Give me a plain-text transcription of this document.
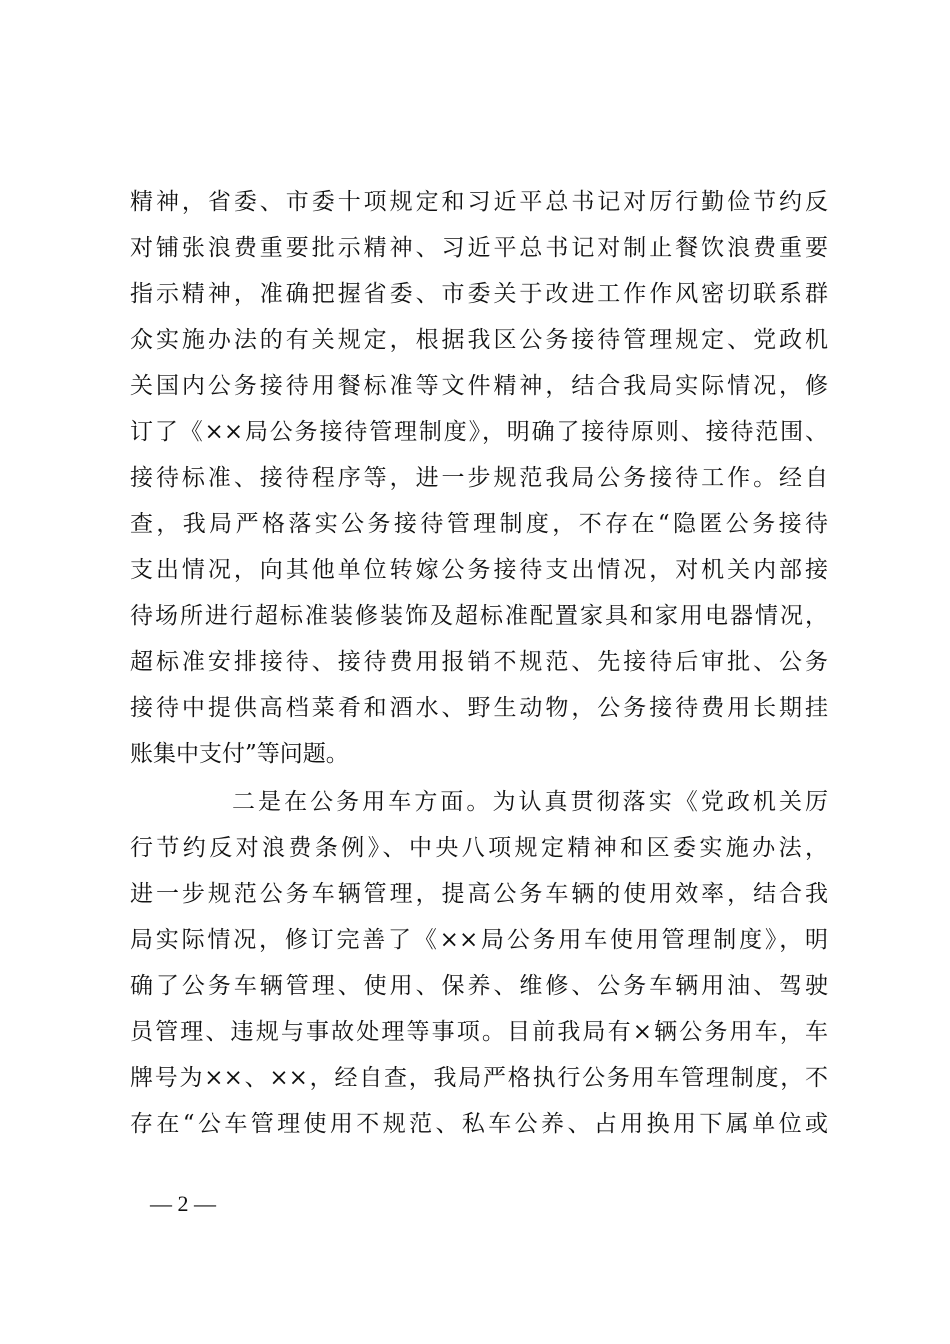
精神，省委、市委十项规定和习近平总书记对厉行勤俭节约反
对铺张浪费重要批示精神、习近平总书记对制止餐饮浪费重要
指示精神，准确把握省委、市委关于改进工作作风密切联系群
众实施办法的有关规定，根据我区公务接待管理规定、党政机
关国内公务接待用餐标准等文件精神，结合我局实际情况，修
订了《××局公务接待管理制度》，明确了接待原则、接待范围、
接待标准、接待程序等，进一步规范我局公务接待工作。经自
查，我局严格落实公务接待管理制度，不存在“隐匿公务接待
支出情况，向其他单位转嫁公务接待支出情况，对机关内部接
待场所进行超标准装修装饰及超标准配置家具和家用电器情况，
超标准安排接待、接待费用报销不规范、先接待后审批、公务
接待中提供高档菜肴和酒水、野生动物，公务接待费用长期挂
账集中支付”等问题。
二是在公务用车方面。为认真贯彻落实《党政机关厉
行节约反对浪费条例》、中央八项规定精神和区委实施办法，
进一步规范公务车辆管理，提高公务车辆的使用效率，结合我
局实际情况，修订完善了《××局公务用车使用管理制度》，明
确了公务车辆管理、使用、保养、维修、公务车辆用油、驾驶
员管理、违规与事故处理等事项。目前我局有×辆公务用车，车
牌号为××、××，经自查，我局严格执行公务用车管理制度，不
存在“公车管理使用不规范、私车公养、占用换用下属单位或
— 2 —
